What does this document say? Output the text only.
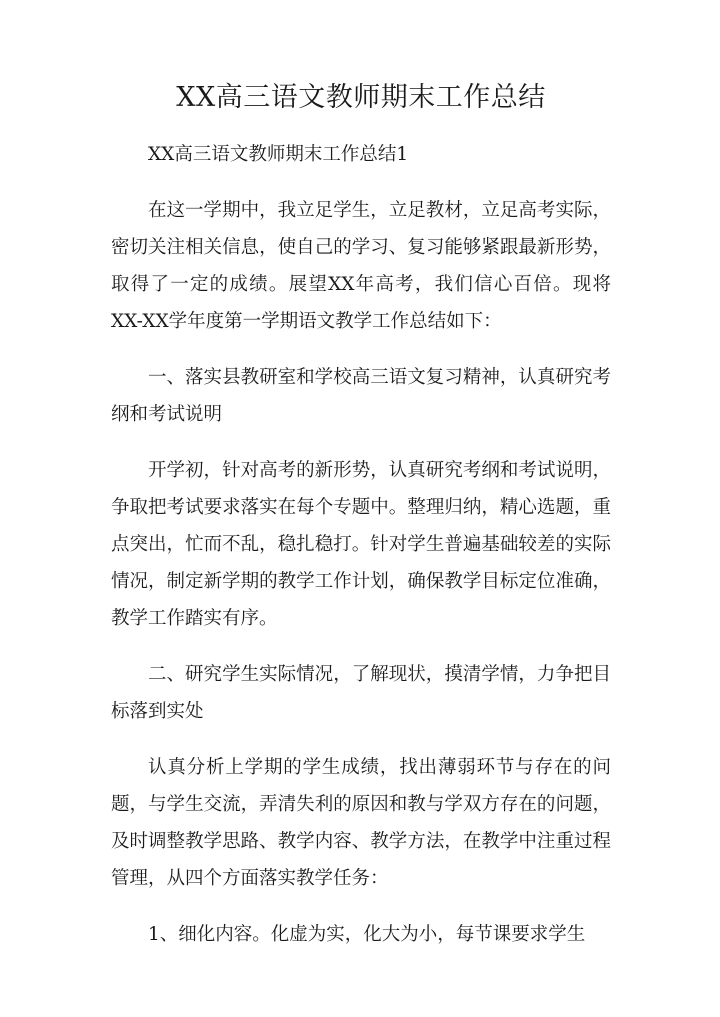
XX高三语文教师期末工作总结
XX高三语文教师期末工作总结1

在这一学期中，我立足学生，立足教材，立足高考实际，密切关注相关信息，使自己的学习、复习能够紧跟最新形势，取得了一定的成绩。展望XX年高考，我们信心百倍。现将XX-XX学年度第一学期语文教学工作总结如下：

一、落实县教研室和学校高三语文复习精神，认真研究考纲和考试说明

开学初，针对高考的新形势，认真研究考纲和考试说明，争取把考试要求落实在每个专题中。整理归纳，精心选题，重点突出，忙而不乱，稳扎稳打。针对学生普遍基础较差的实际情况，制定新学期的教学工作计划，确保教学目标定位准确，教学工作踏实有序。

二、研究学生实际情况，了解现状，摸清学情，力争把目标落到实处

认真分析上学期的学生成绩，找出薄弱环节与存在的问题，与学生交流，弄清失利的原因和教与学双方存在的问题，及时调整教学思路、教学内容、教学方法，在教学中注重过程管理，从四个方面落实教学任务：

1、细化内容。化虚为实，化大为小，每节课要求学生
